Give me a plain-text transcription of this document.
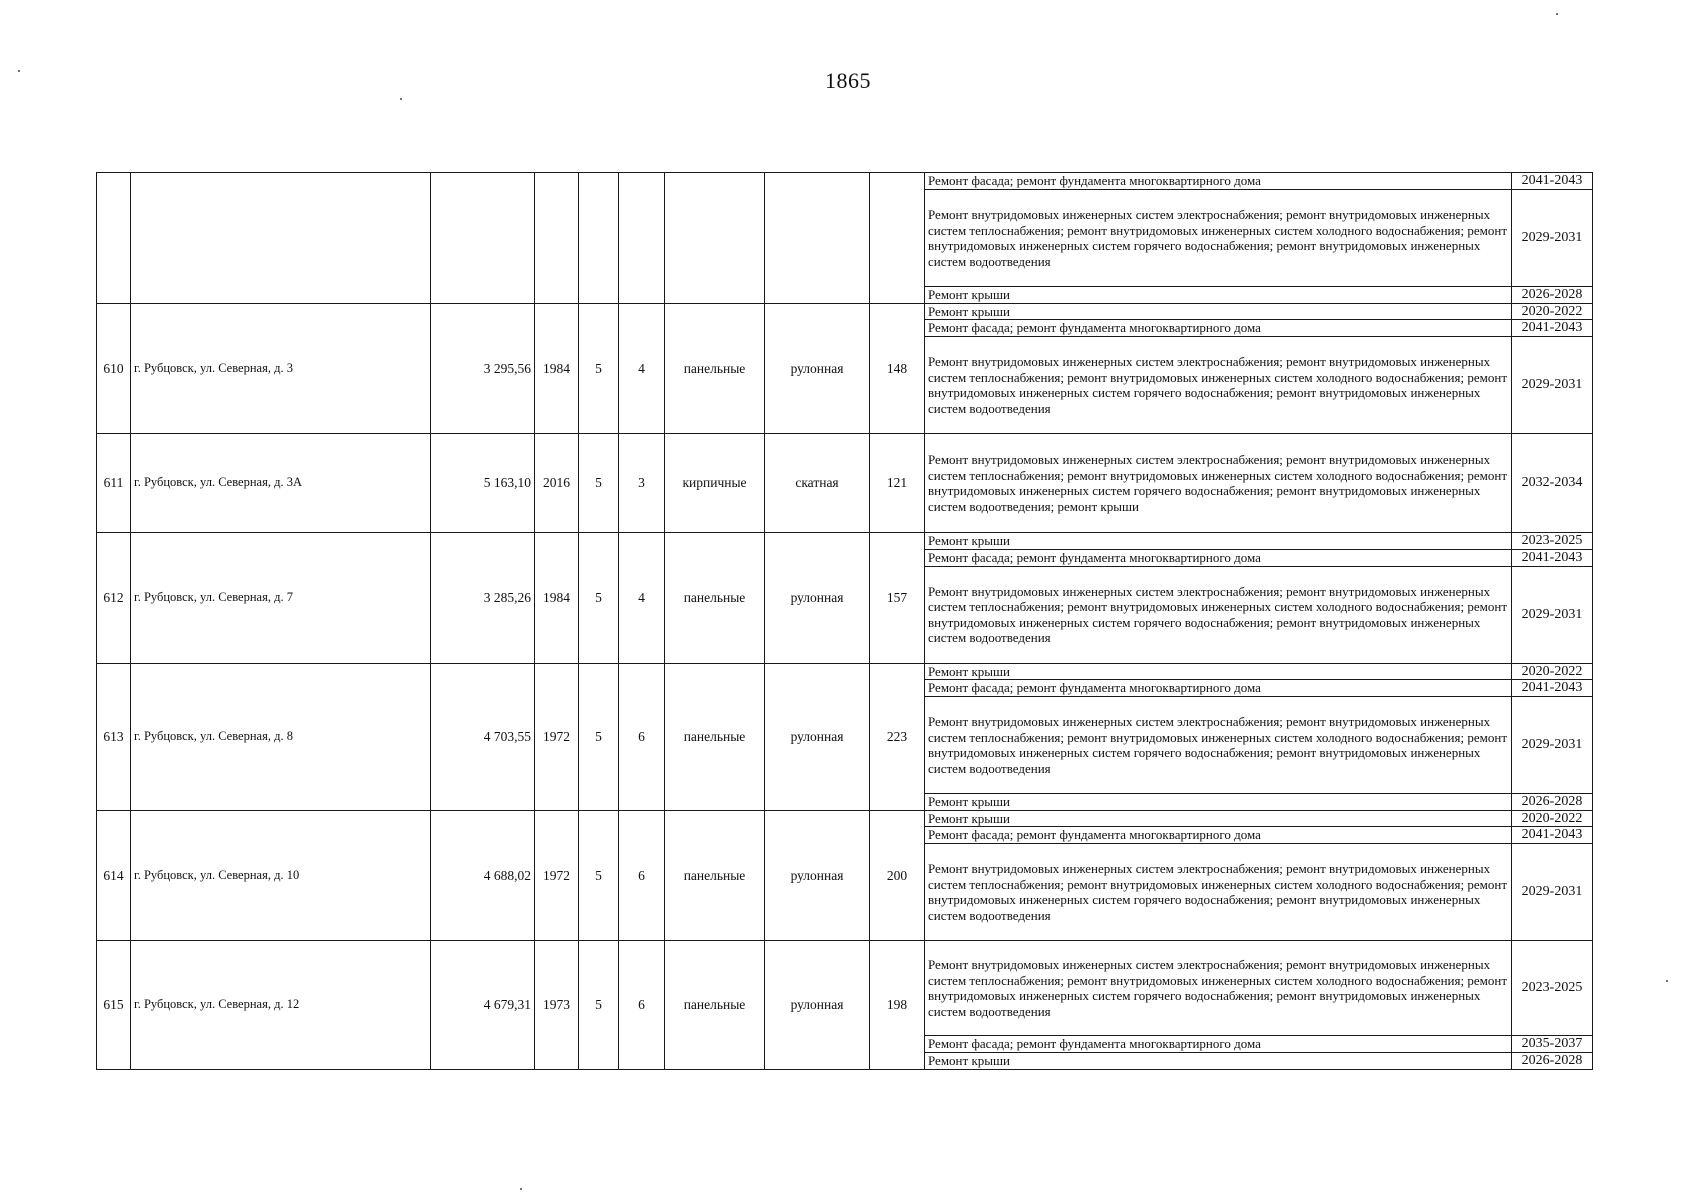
1865
									Ремонт фасада; ремонт фундамента многоквартирного дома	2041-2043
									Ремонт внутридомовых инженерных систем электроснабжения; ремонт внутридомовых инженерных систем теплоснабжения; ремонт внутридомовых инженерных систем холодного водоснабжения; ремонт внутридомовых инженерных систем горячего водоснабжения; ремонт внутридомовых инженерных систем водоотведения	2029-2031
									Ремонт крыши	2026-2028
610	г. Рубцовск, ул. Северная, д. 3	3 295,56	1984	5	4	панельные	рулонная	148	Ремонт крыши	2020-2022
									Ремонт фасада; ремонт фундамента многоквартирного дома	2041-2043
									Ремонт внутридомовых инженерных систем электроснабжения; ремонт внутридомовых инженерных систем теплоснабжения; ремонт внутридомовых инженерных систем холодного водоснабжения; ремонт внутридомовых инженерных систем горячего водоснабжения; ремонт внутридомовых инженерных систем водоотведения	2029-2031
611	г. Рубцовск, ул. Северная, д. 3А	5 163,10	2016	5	3	кирпичные	скатная	121	Ремонт внутридомовых инженерных систем электроснабжения; ремонт внутридомовых инженерных систем теплоснабжения; ремонт внутридомовых инженерных систем холодного водоснабжения; ремонт внутридомовых инженерных систем горячего водоснабжения; ремонт внутридомовых инженерных систем водоотведения; ремонт крыши	2032-2034
612	г. Рубцовск, ул. Северная, д. 7	3 285,26	1984	5	4	панельные	рулонная	157	Ремонт крыши	2023-2025
									Ремонт фасада; ремонт фундамента многоквартирного дома	2041-2043
									Ремонт внутридомовых инженерных систем электроснабжения; ремонт внутридомовых инженерных систем теплоснабжения; ремонт внутридомовых инженерных систем холодного водоснабжения; ремонт внутридомовых инженерных систем горячего водоснабжения; ремонт внутридомовых инженерных систем водоотведения	2029-2031
613	г. Рубцовск, ул. Северная, д. 8	4 703,55	1972	5	6	панельные	рулонная	223	Ремонт крыши	2020-2022
									Ремонт фасада; ремонт фундамента многоквартирного дома	2041-2043
									Ремонт внутридомовых инженерных систем электроснабжения; ремонт внутридомовых инженерных систем теплоснабжения; ремонт внутридомовых инженерных систем холодного водоснабжения; ремонт внутридомовых инженерных систем горячего водоснабжения; ремонт внутридомовых инженерных систем водоотведения	2029-2031
									Ремонт крыши	2026-2028
614	г. Рубцовск, ул. Северная, д. 10	4 688,02	1972	5	6	панельные	рулонная	200	Ремонт крыши	2020-2022
									Ремонт фасада; ремонт фундамента многоквартирного дома	2041-2043
									Ремонт внутридомовых инженерных систем электроснабжения; ремонт внутридомовых инженерных систем теплоснабжения; ремонт внутридомовых инженерных систем холодного водоснабжения; ремонт внутридомовых инженерных систем горячего водоснабжения; ремонт внутридомовых инженерных систем водоотведения	2029-2031
615	г. Рубцовск, ул. Северная, д. 12	4 679,31	1973	5	6	панельные	рулонная	198	Ремонт внутридомовых инженерных систем электроснабжения; ремонт внутридомовых инженерных систем теплоснабжения; ремонт внутридомовых инженерных систем холодного водоснабжения; ремонт внутридомовых инженерных систем горячего водоснабжения; ремонт внутридомовых инженерных систем водоотведения	2023-2025
									Ремонт фасада; ремонт фундамента многоквартирного дома	2035-2037
									Ремонт крыши	2026-2028
